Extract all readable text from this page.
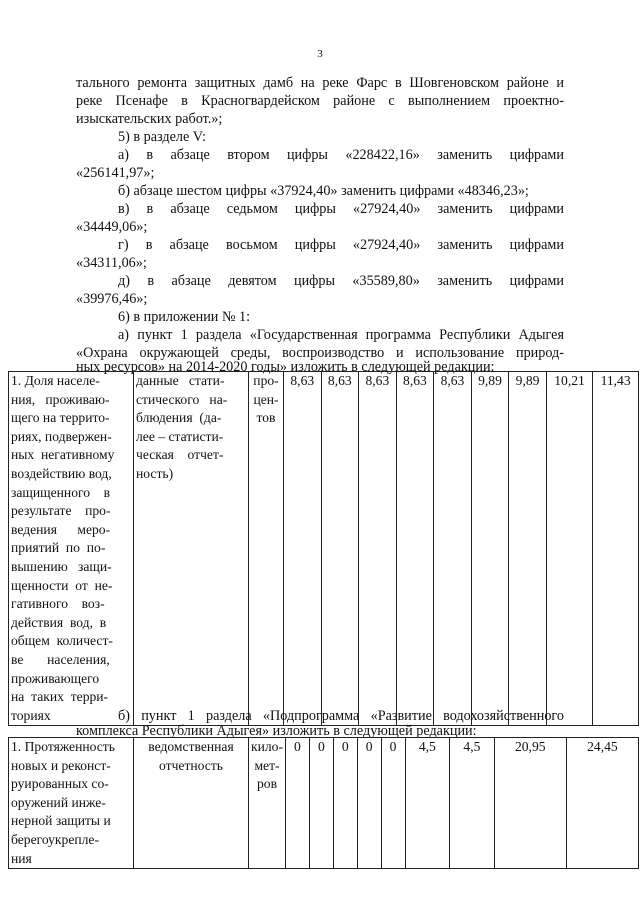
3
тального ремонта защитных дамб на реке Фарс в Шовгеновском районе и
реке Псенафе в Красногвардейском районе с выполнением проектно-
изыскательских работ.»;
5) в разделе V:
а) в абзаце втором цифры «228422,16» заменить цифрами
«256141,97»;
б) абзаце шестом цифры «37924,40» заменить цифрами «48346,23»;
в) в абзаце седьмом цифры «27924,40» заменить цифрами
«34449,06»;
г) в абзаце восьмом цифры «27924,40» заменить цифрами
«34311,06»;
д) в абзаце девятом цифры «35589,80» заменить цифрами
«39976,46»;
6) в приложении № 1:
а) пункт 1 раздела «Государственная программа Республики Адыгея
«Охрана окружающей среды, воспроизводство и использование природ-
ных ресурсов» на 2014-2020 годы» изложить в следующей редакции:
1. Доля населе-
ния,   проживаю-
щего на террито-
риях, подвержен-
ных  негативному
воздействию вод,
защищенного    в
результате    про-
ведения      меро-
приятий  по  по-
вышению   защи-
щенности  от  не-
гативного    воз-
действия  вод,  в
общем  количест-
ве       населения,
проживающего
на  таких  терри-
ториях	данные   стати-
стического   на-
блюдения  (да-
лее – статисти-
ческая    отчет-
ность)	про-
цен-
тов	8,63	8,63	8,63	8,63	8,63	9,89	9,89	10,21	11,43
б) пункт 1 раздела «Подпрограмма «Развитие водохозяйственного
комплекса Республики Адыгея» изложить в следующей редакции:
1. Протяженность
новых и реконст-
руированных со-
оружений инже-
нерной защиты и
берегоукрепле-
ния	ведомственная
отчетность	кило-
мет-
ров	0	0	0	0	0	4,5	4,5	20,95	24,45
